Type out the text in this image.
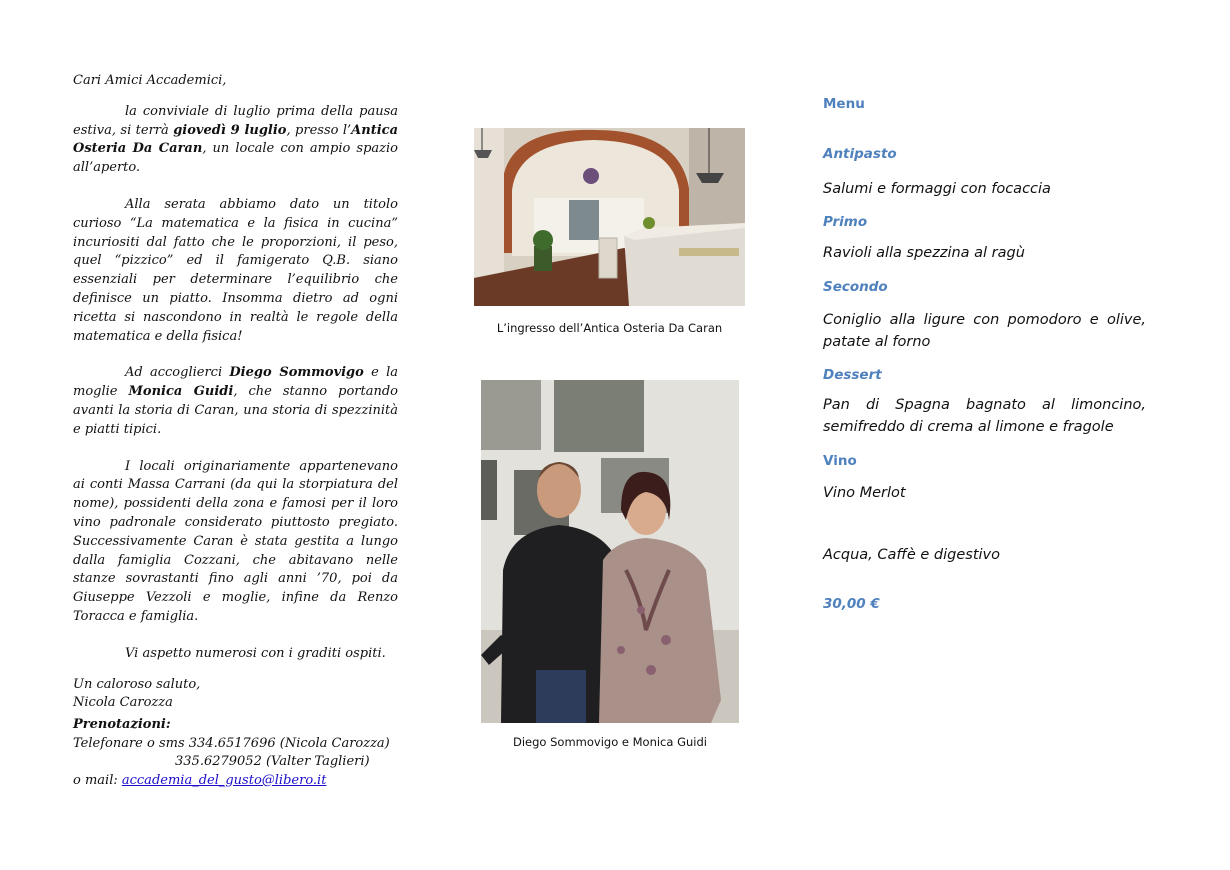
Cari Amici Accademici,

la conviviale di luglio prima della pausa estiva, si terrà giovedì 9 luglio, presso l’Antica Osteria Da Caran, un locale con ampio spazio all’aperto.

Alla serata abbiamo dato un titolo curioso “La matematica e la fisica in cucina” incuriositi dal fatto che le proporzioni, il peso, quel “pizzico” ed il famigerato Q.B. siano essenziali per determinare l’equilibrio che definisce un piatto. Insomma dietro ad ogni ricetta si nascondono in realtà le regole della matematica e della fisica!

Ad accoglierci Diego Sommovigo e la moglie Monica Guidi, che stanno portando avanti la storia di Caran, una storia di spezzinità e piatti tipici.

I locali originariamente appartenevano ai conti Massa Carrani (da qui la storpiatura del nome), possidenti della zona e famosi per il loro vino padronale considerato piuttosto pregiato. Successivamente Caran è stata gestita a lungo dalla famiglia Cozzani, che abitavano nelle stanze sovrastanti fino agli anni ’70, poi da Giuseppe Vezzoli e moglie, infine da Renzo Toracca e famiglia.

Vi aspetto numerosi con i graditi ospiti.

Un caloroso saluto,

Nicola Carozza

Prenotazioni:
Telefonare o sms 334.6517696 (Nicola Carozza)
335.6279052 (Valter Taglieri)
o mail: accademia_del_gusto@libero.it
L’ingresso dell’Antica Osteria Da Caran
Diego Sommovigo e Monica Guidi
Menu
Antipasto
Salumi e formaggi con focaccia
Primo
Ravioli alla spezzina al ragù
Secondo
Coniglio alla ligure con pomodoro e olive, patate al forno
Dessert
Pan di Spagna bagnato al limoncino, semifreddo di crema al limone e fragole
Vino
Vino Merlot
Acqua, Caffè e digestivo
30,00 €
